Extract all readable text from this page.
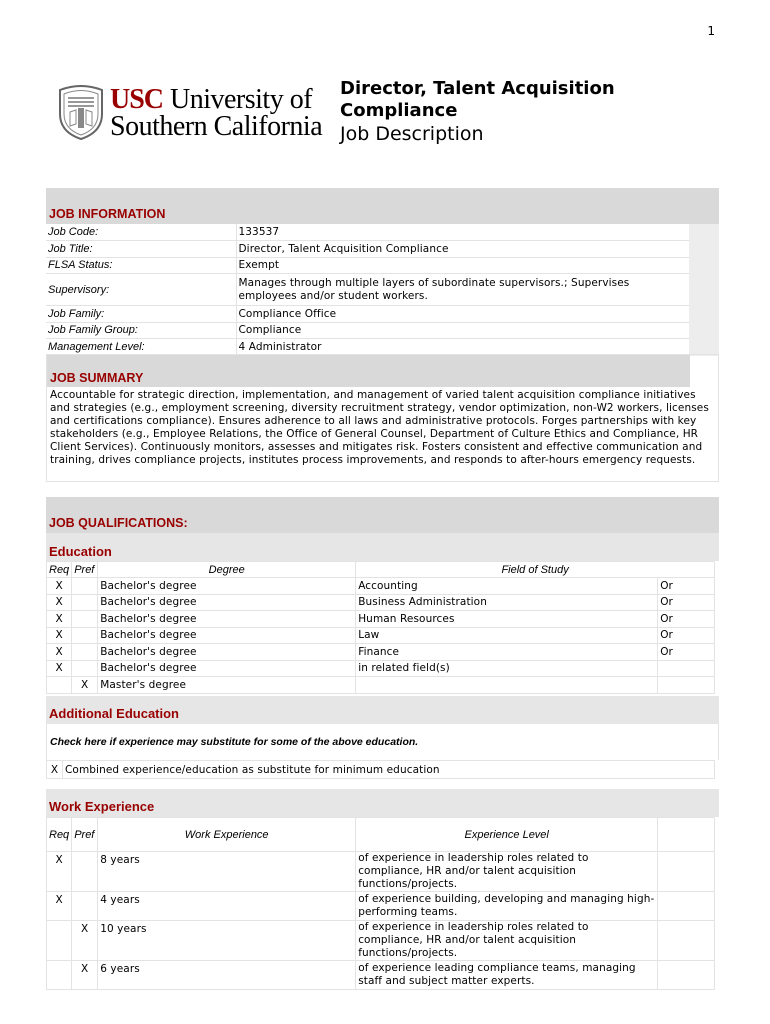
1
USC University of
Southern California
Director, Talent Acquisition Compliance
Job Description
JOB INFORMATION
Job Code:	133537
Job Title:	Director, Talent Acquisition Compliance
FLSA Status:	Exempt
Supervisory:	Manages through multiple layers of subordinate supervisors.; Supervises employees and/or student workers.
Job Family:	Compliance Office
Job Family Group:	Compliance
Management Level:	4 Administrator
JOB SUMMARY
Accountable for strategic direction, implementation, and management of varied talent acquisition compliance initiatives and strategies (e.g., employment screening, diversity recruitment strategy, vendor optimization, non-W2 workers, licenses and certifications compliance). Ensures adherence to all laws and administrative protocols. Forges partnerships with key stakeholders (e.g., Employee Relations, the Office of General Counsel, Department of Culture Ethics and Compliance, HR Client Services). Continuously monitors, assesses and mitigates risk. Fosters consistent and effective communication and training, drives compliance projects, institutes process improvements, and responds to after-hours emergency requests.
JOB QUALIFICATIONS:
Education
Req	Pref	Degree	Field of Study	
X		Bachelor's degree	Accounting	Or
X		Bachelor's degree	Business Administration	Or
X		Bachelor's degree	Human Resources	Or
X		Bachelor's degree	Law	Or
X		Bachelor's degree	Finance	Or
X		Bachelor's degree	in related field(s)	
	X	Master's degree		
Additional Education
Check here if experience may substitute for some of the above education.
X	Combined experience/education as substitute for minimum education
Work Experience
Req	Pref	Work Experience	Experience Level	
X		8 years	of experience in leadership roles related to compliance, HR and/or talent acquisition functions/projects.	
X		4 years	of experience building, developing and managing high-performing teams.	
	X	10 years	of experience in leadership roles related to compliance, HR and/or talent acquisition functions/projects.	
	X	6 years	of experience leading compliance teams, managing staff and subject matter experts.	
